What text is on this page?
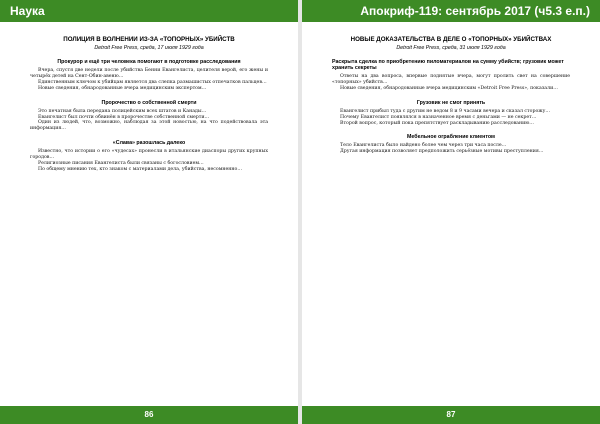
Наука
ПОЛИЦИЯ В ВОЛНЕНИИ ИЗ-ЗА «ТОПОРНЫХ» УБИЙСТВ
Detroit Free Press, среда, 17 июля 1929 года
Прокурор и ещё три человека помогают в подготовке расследования

Вчера, спустя две недели после убийства Бенни Евангелиста, целителя верой, его жены и четырёх детей на Сент-Обин-авеню…

Единственным ключом к убийцам является два слепка размашистых отпечатков пальцев…

Новые сведения, обнародованные вчера медицинским экспертом…

Пророчество о собственной смерти

Это печатная была передана полицейским всех штатов и Канады…

Евангелист был почти обвинён в пророчестве собственной смерти…

Один из людей, что, возможно, наблюдая за этой новостью, на что подействовала эта информация…

«Слава» разошлась далеко

Известно, что истории о его «чудесах» пронесли в итальянские диаспоры других крупных городов…

Религиозные писания Евангелиста были связаны с богословием…

По общему мнению тех, кто знаком с материалами дела, убийства, несомненно…

86
Апокриф-119: сентябрь 2017 (ч5.3 е.п.)
НОВЫЕ ДОКАЗАТЕЛЬСТВА В ДЕЛЕ О «ТОПОРНЫХ» УБИЙСТВАХ
Detroit Free Press, среда, 31 июля 1929 года
Раскрыта сделка по приобретению пиломатериалов на сумму убийств; грузовик может хранить секреты

Ответы на два вопроса, впервые поднятые вчера, могут пролить свет на совершение «топорных» убийств…

Новые сведения, обнародованные вчера медицинским «Detroit Free Press», показали…

Грузовик не смог принять

Евангелист прибыл туда с другим не ведом 8 и 9 часами вечера и сказал сторожу…

Почему Евангелист появлялся в назначенное время с деньгами — не секрет…

Второй вопрос, который пока препятствует раскладыванию расследованию…

Мебельное ограбление клиентом

Тело Евангелиста было найдено более чем через три часа после…

Другая информация позволяет предположить серьёзные мотивы преступления…

87
